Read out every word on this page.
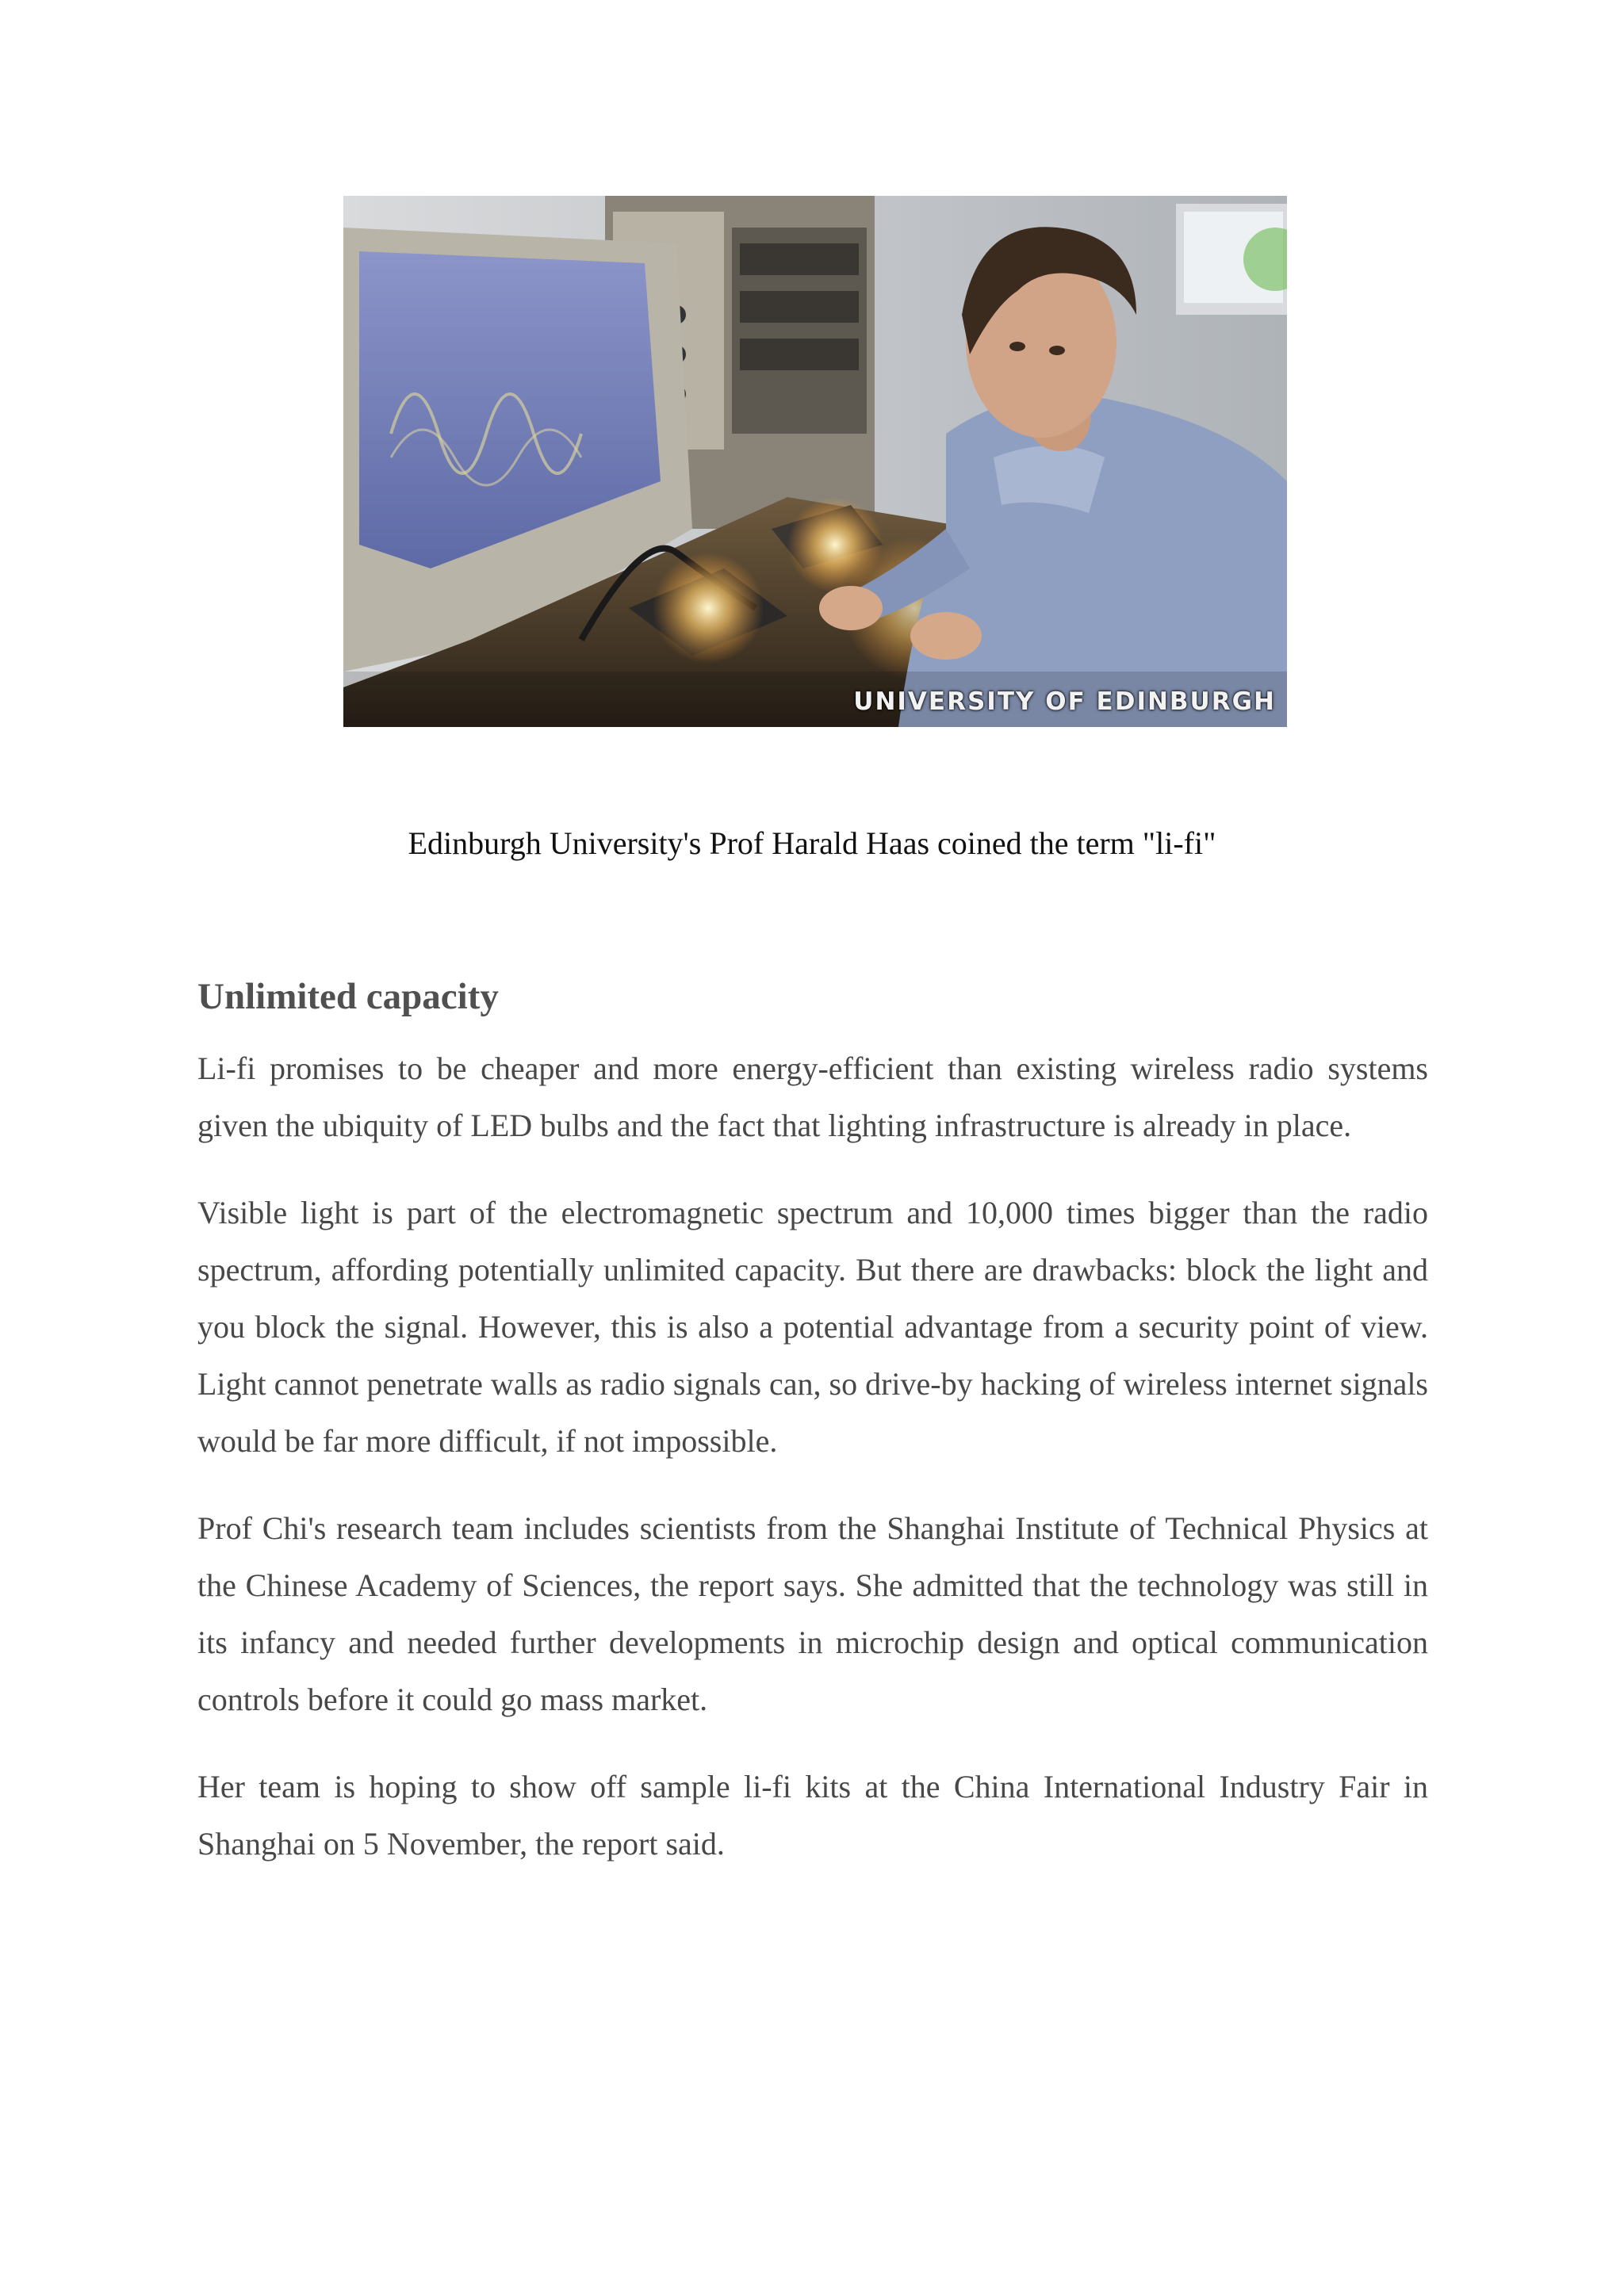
UNIVERSITY OF EDINBURGH

Edinburgh University's Prof Harald Haas coined the term "li-fi"

Unlimited capacity

Li-fi promises to be cheaper and more energy-efficient than existing wireless radio systems given the ubiquity of LED bulbs and the fact that lighting infrastructure is already in place.

Visible light is part of the electromagnetic spectrum and 10,000 times bigger than the radio spectrum, affording potentially unlimited capacity. But there are drawbacks: block the light and you block the signal. However, this is also a potential advantage from a security point of view. Light cannot penetrate walls as radio signals can, so drive-by hacking of wireless internet signals would be far more difficult, if not impossible.

Prof Chi's research team includes scientists from the Shanghai Institute of Technical Physics at the Chinese Academy of Sciences, the report says. She admitted that the technology was still in its infancy and needed further developments in microchip design and optical communication controls before it could go mass market.

Her team is hoping to show off sample li-fi kits at the China International Industry Fair in Shanghai on 5 November, the report said.
